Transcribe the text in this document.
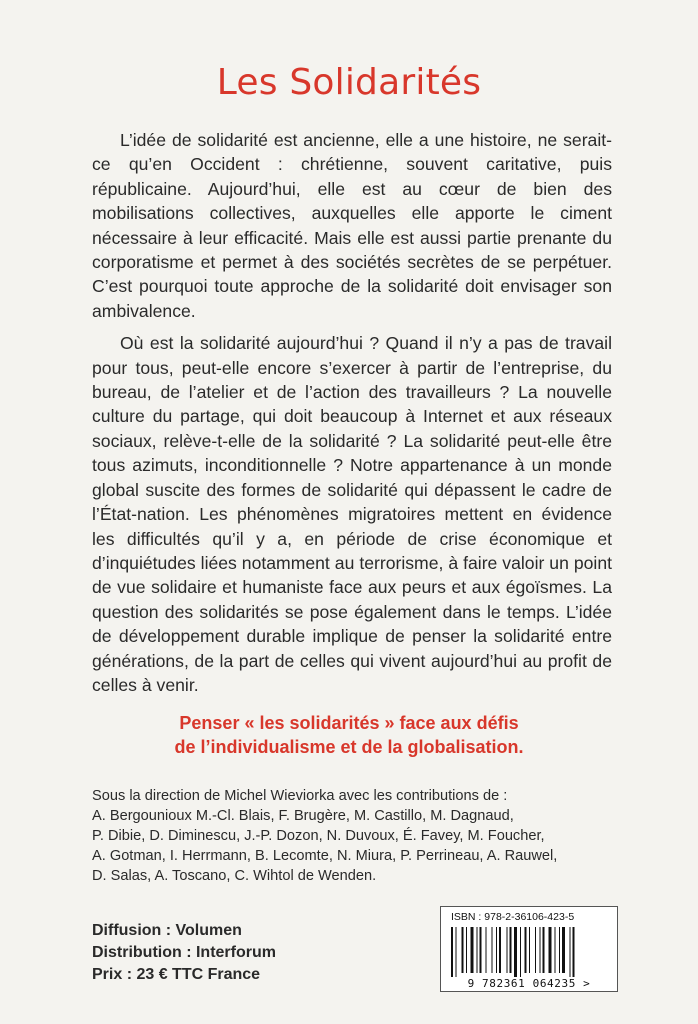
Les Solidarités

L’idée de solidarité est ancienne, elle a une histoire, ne serait-ce qu’en Occident : chrétienne, souvent caritative, puis républicaine. Aujourd’hui, elle est au cœur de bien des mobilisations collectives, auxquelles elle apporte le ciment nécessaire à leur efficacité. Mais elle est aussi partie prenante du corporatisme et permet à des sociétés secrètes de se perpétuer. C’est pourquoi toute approche de la solidarité doit envisager son ambivalence.

Où est la solidarité aujourd’hui ? Quand il n’y a pas de travail pour tous, peut-elle encore s’exercer à partir de l’entreprise, du bureau, de l’atelier et de l’action des travailleurs ? La nouvelle culture du partage, qui doit beaucoup à Internet et aux réseaux sociaux, relève-t-elle de la solidarité ? La solidarité peut-elle être tous azimuts, inconditionnelle ? Notre appartenance à un monde global suscite des formes de solidarité qui dépassent le cadre de l’État-nation. Les phénomènes migratoires mettent en évidence les difficultés qu’il y a, en période de crise économique et d’inquiétudes liées notamment au terrorisme, à faire valoir un point de vue solidaire et humaniste face aux peurs et aux égoïsmes. La question des solidarités se pose également dans le temps. L’idée de développement durable implique de penser la solidarité entre générations, de la part de celles qui vivent aujourd’hui au profit de celles à venir.

Penser « les solidarités » face aux défis
de l’individualisme et de la globalisation.
Sous la direction de Michel Wieviorka avec les contributions de :
A. Bergounioux M.-Cl. Blais, F. Brugère, M. Castillo, M. Dagnaud,
P. Dibie, D. Diminescu, J.-P. Dozon, N. Duvoux, É. Favey, M. Foucher,
A. Gotman, I. Herrmann, B. Lecomte, N. Miura, P. Perrineau, A. Rauwel,
D. Salas, A. Toscano, C. Wihtol de Wenden.
Diffusion : Volumen
Distribution : Interforum
Prix : 23 € TTC France
ISBN : 978-2-36106-423-5
9 782361 064235 >
